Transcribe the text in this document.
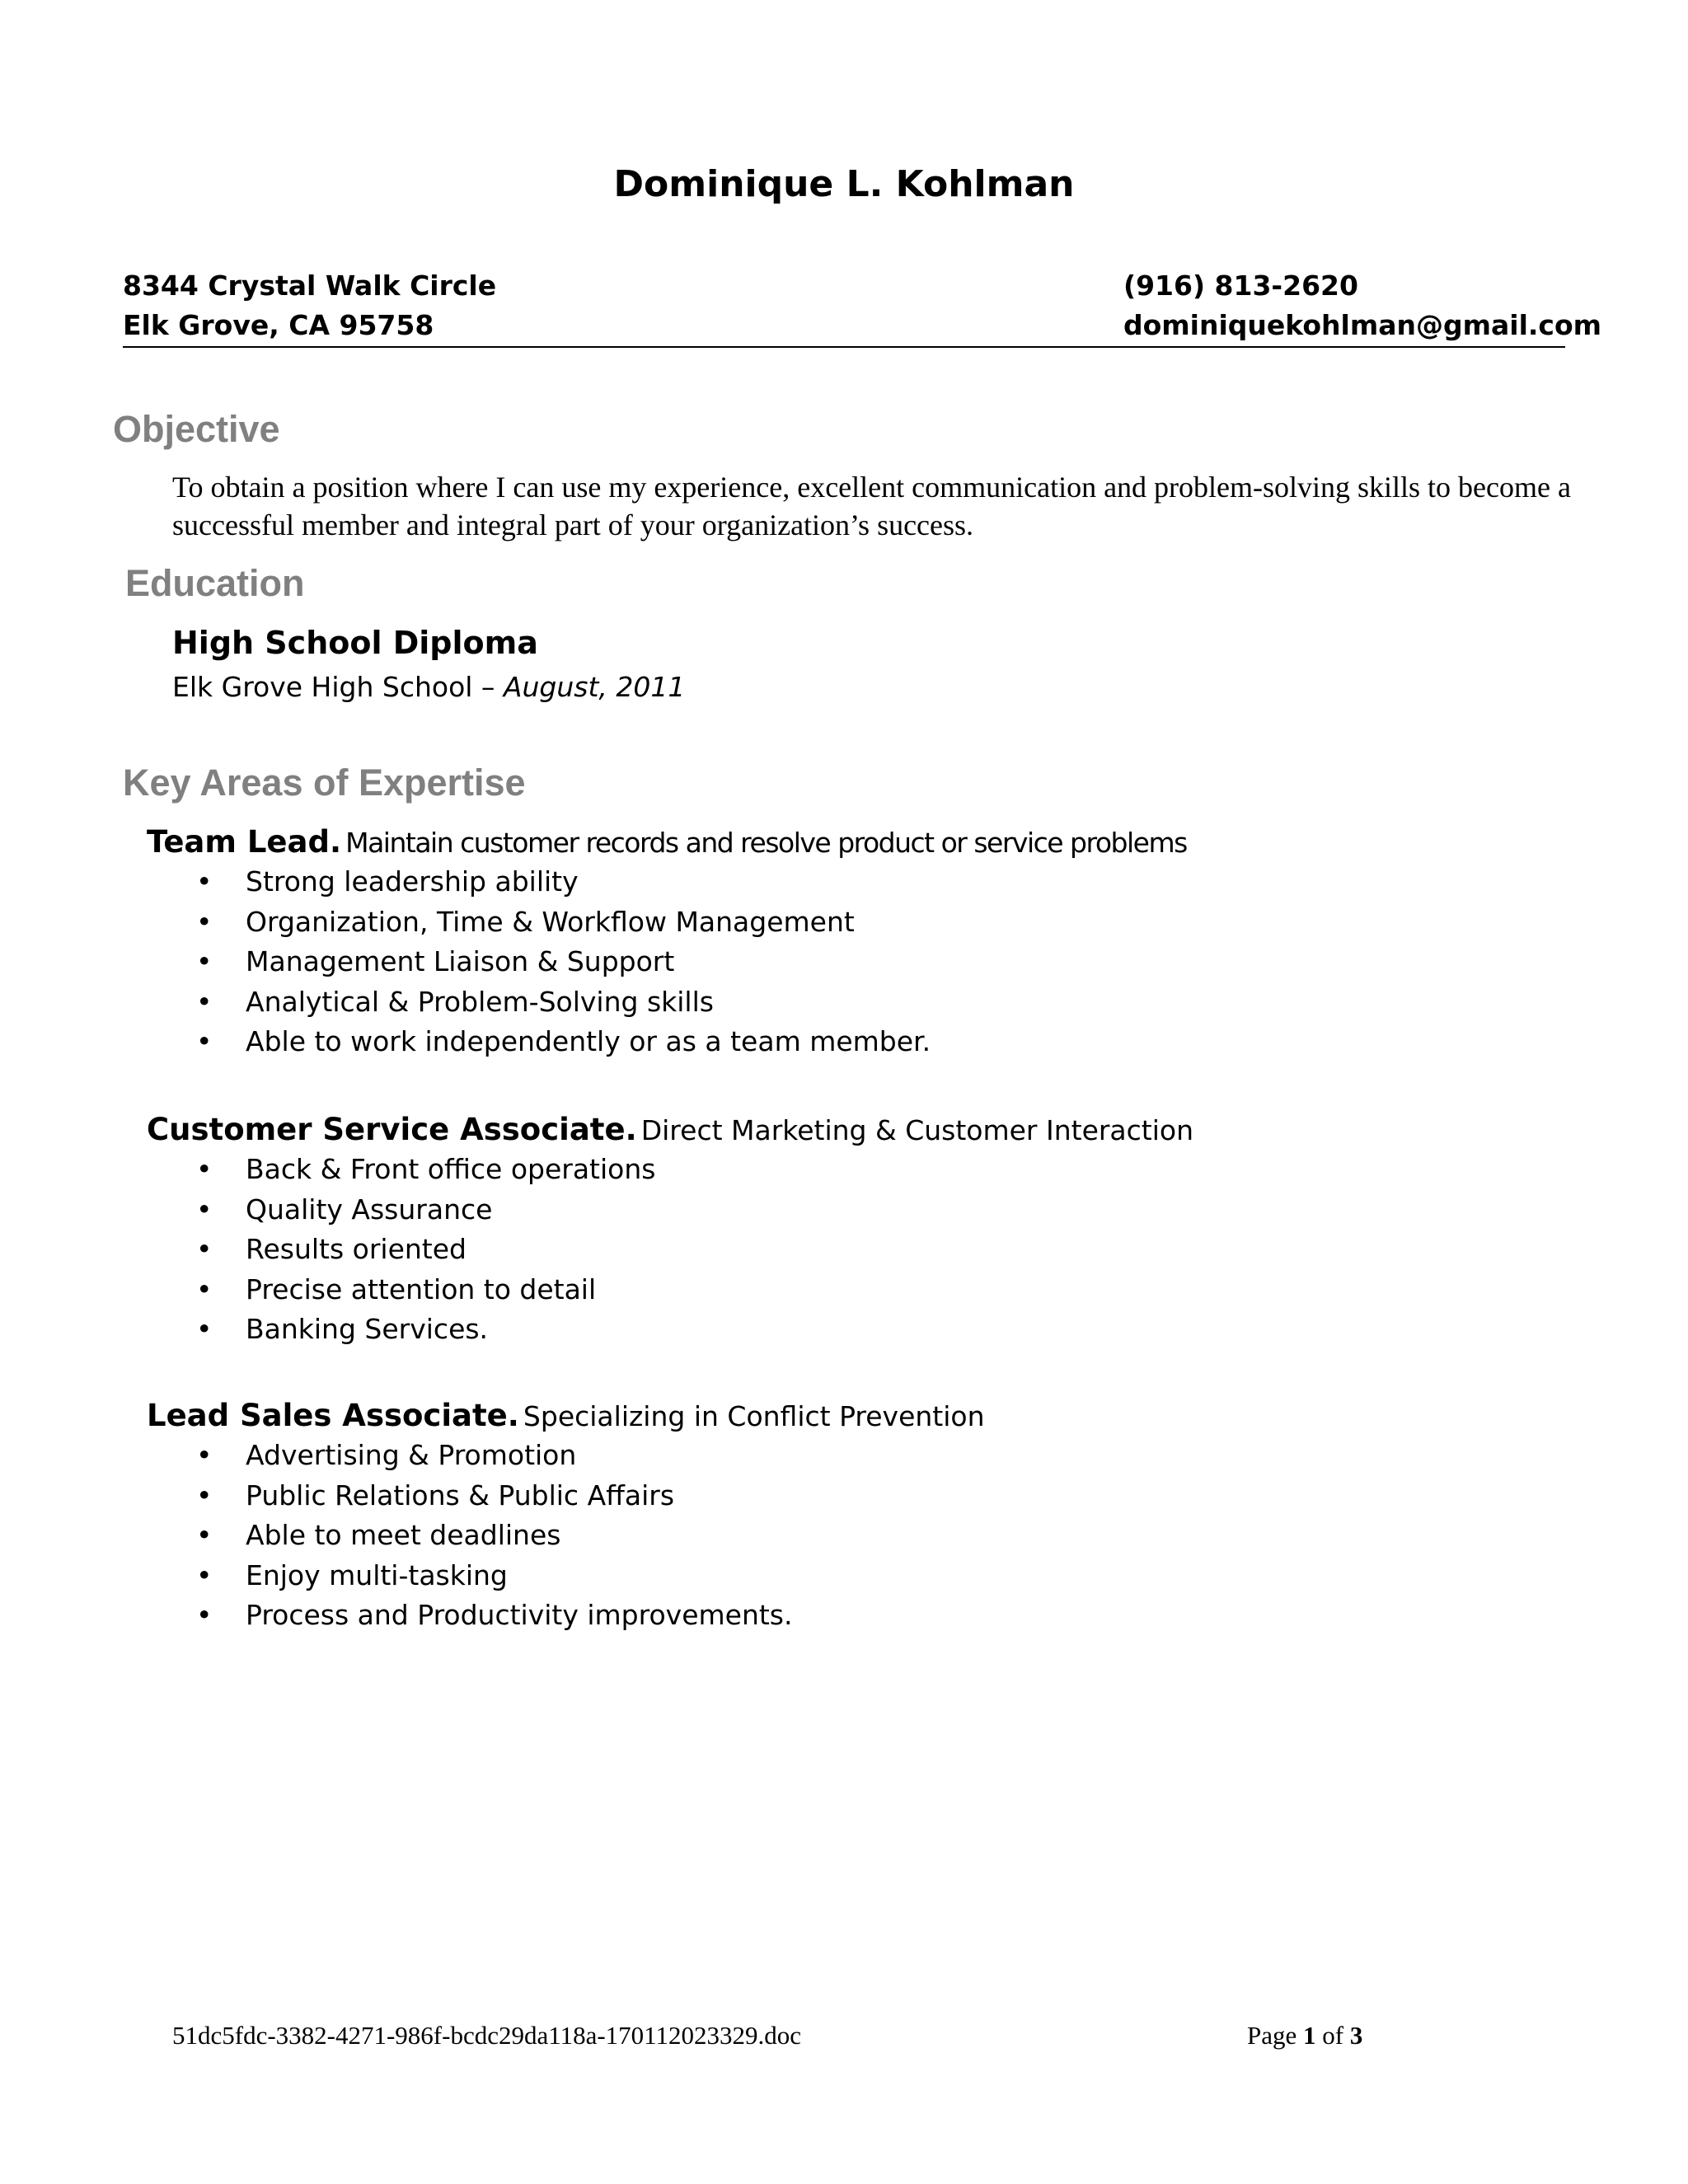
Dominique L. Kohlman
8344 Crystal Walk Circle
Elk Grove, CA 95758
(916) 813-2620
dominiquekohlman@gmail.com
Objective
To obtain a position where I can use my experience, excellent communication and problem-solving skills to become a successful member and integral part of your organization’s success.
Education
High School Diploma
Elk Grove High School – August, 2011
Key Areas of Expertise
Team Lead. Maintain customer records and resolve product or service problems
• Strong leadership ability
• Organization, Time & Workflow Management
• Management Liaison & Support
• Analytical & Problem-Solving skills
• Able to work independently or as a team member.
Customer Service Associate. Direct Marketing & Customer Interaction
• Back & Front office operations
• Quality Assurance
• Results oriented
• Precise attention to detail
• Banking Services.
Lead Sales Associate. Specializing in Conflict Prevention
• Advertising & Promotion
• Public Relations & Public Affairs
• Able to meet deadlines
• Enjoy multi-tasking
• Process and Productivity improvements.
51dc5fdc-3382-4271-986f-bcdc29da118a-170112023329.doc	Page 1 of 3
